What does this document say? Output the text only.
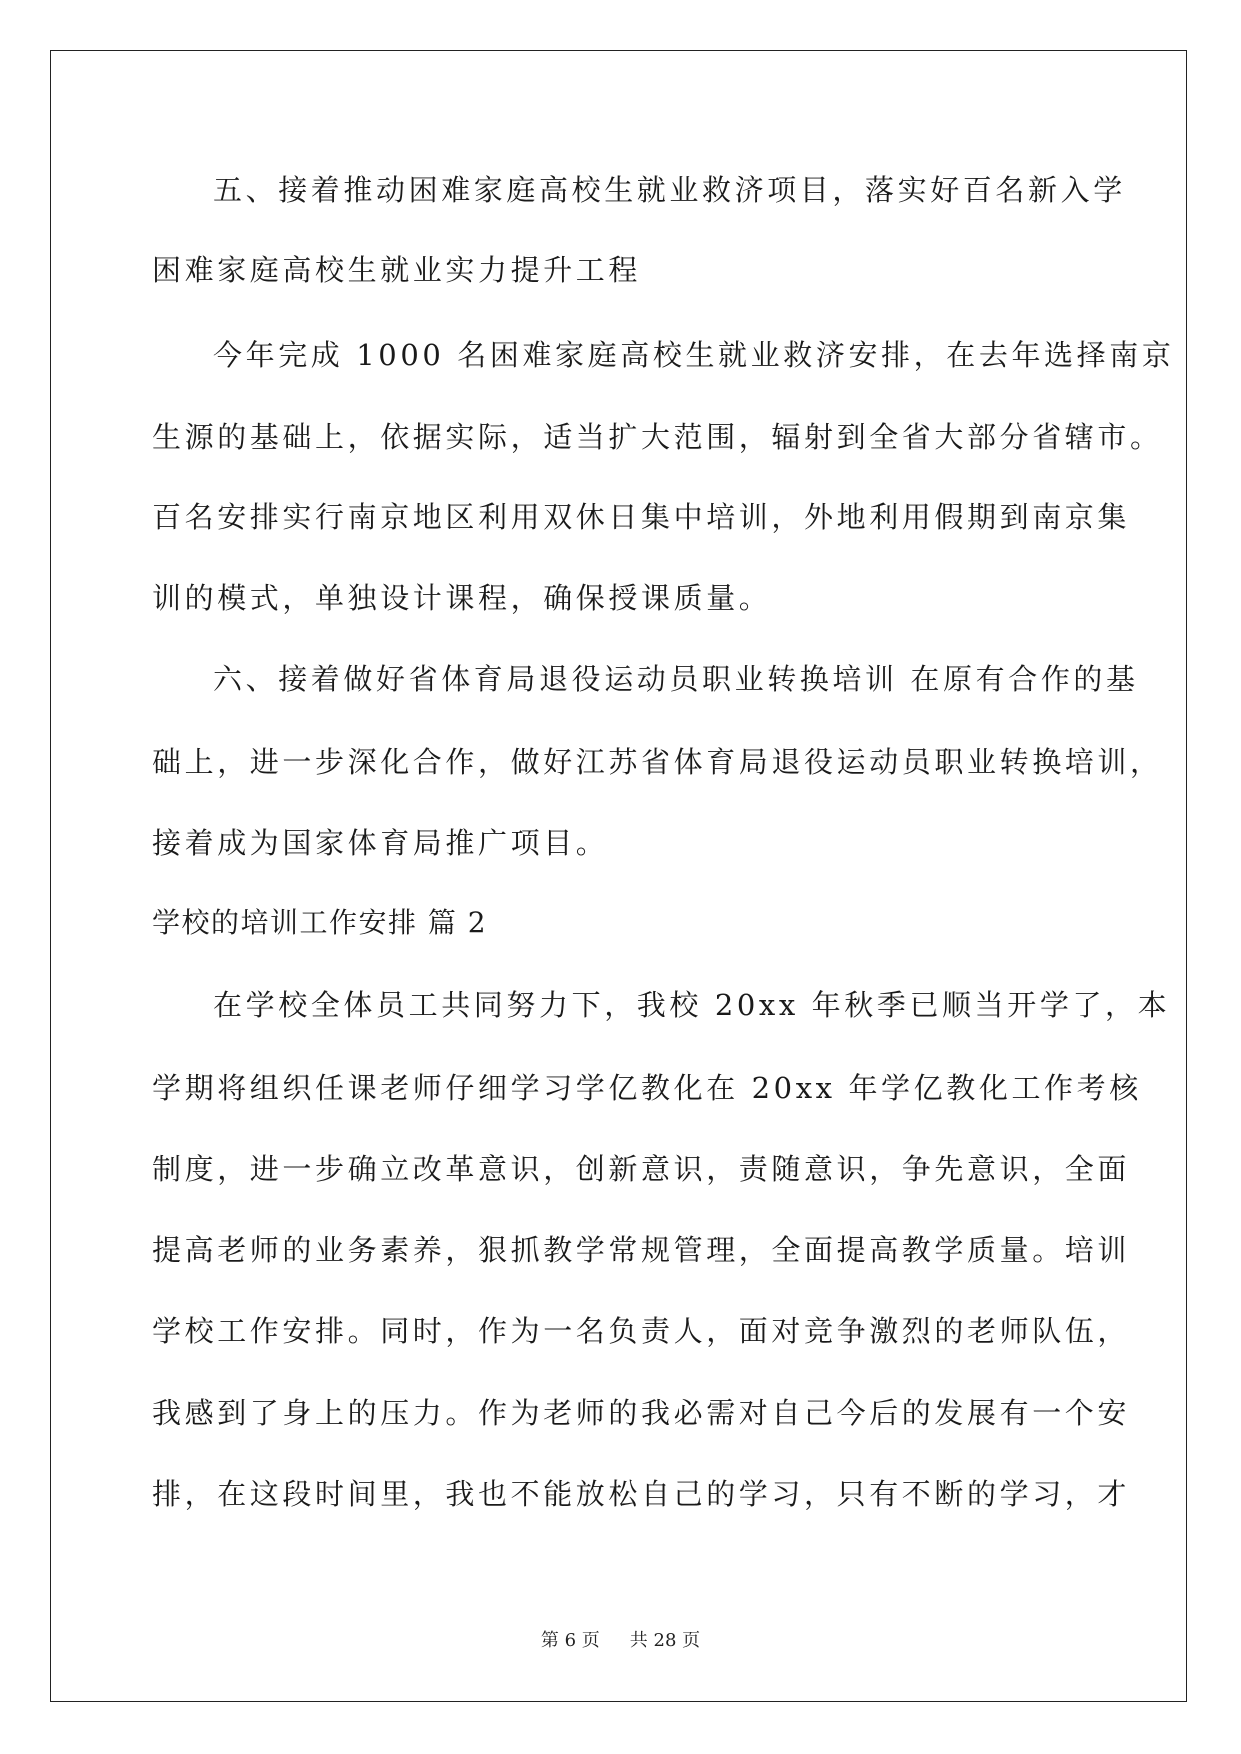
五、接着推动困难家庭高校生就业救济项目，落实好百名新入学
困难家庭高校生就业实力提升工程
今年完成 1000 名困难家庭高校生就业救济安排，在去年选择南京
生源的基础上，依据实际，适当扩大范围，辐射到全省大部分省辖市。
百名安排实行南京地区利用双休日集中培训，外地利用假期到南京集
训的模式，单独设计课程，确保授课质量。
六、接着做好省体育局退役运动员职业转换培训 在原有合作的基
础上，进一步深化合作，做好江苏省体育局退役运动员职业转换培训，
接着成为国家体育局推广项目。
学校的培训工作安排 篇 2
在学校全体员工共同努力下，我校 20xx 年秋季已顺当开学了，本
学期将组织任课老师仔细学习学亿教化在 20xx 年学亿教化工作考核
制度，进一步确立改革意识，创新意识，责随意识，争先意识，全面
提高老师的业务素养，狠抓教学常规管理，全面提高教学质量。培训
学校工作安排。同时，作为一名负责人，面对竞争激烈的老师队伍，
我感到了身上的压力。作为老师的我必需对自己今后的发展有一个安
排，在这段时间里，我也不能放松自己的学习，只有不断的学习，才
第 6 页 共 28 页
